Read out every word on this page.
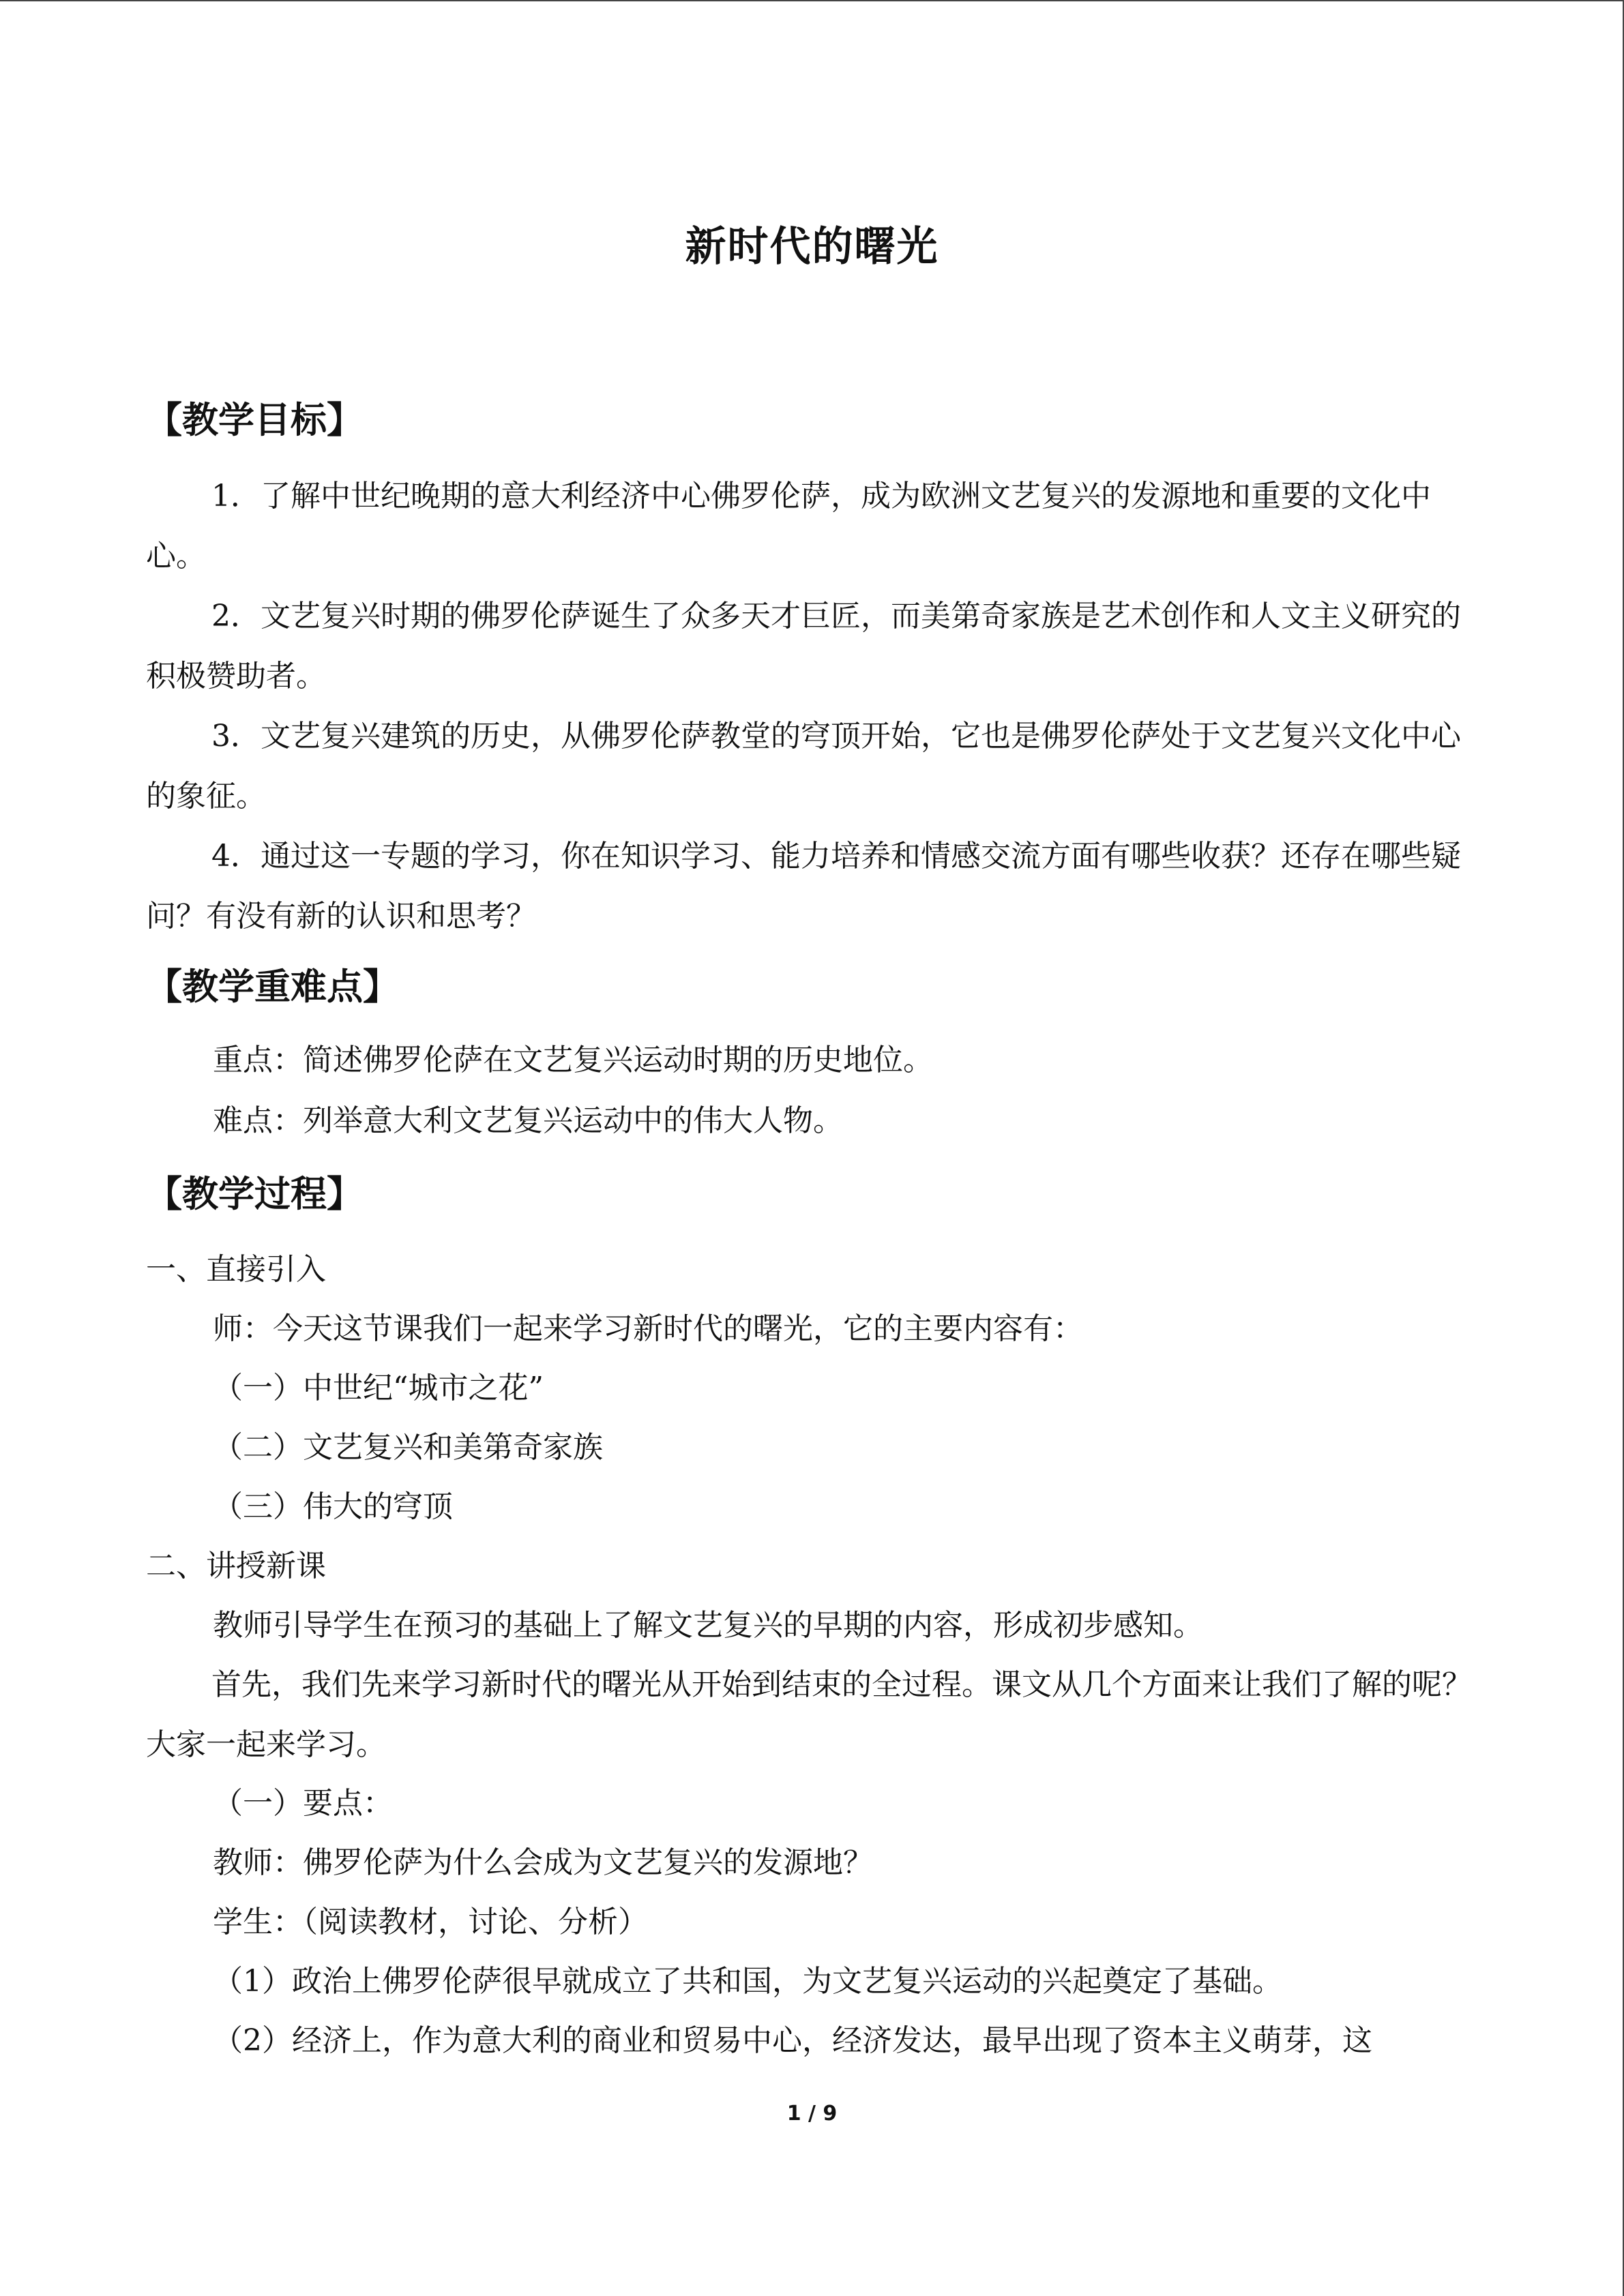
新时代的曙光
【教学目标】

1．了解中世纪晚期的意大利经济中心佛罗伦萨，成为欧洲文艺复兴的发源地和重要的文化中心。

2．文艺复兴时期的佛罗伦萨诞生了众多天才巨匠，而美第奇家族是艺术创作和人文主义研究的积极赞助者。

3．文艺复兴建筑的历史，从佛罗伦萨教堂的穹顶开始，它也是佛罗伦萨处于文艺复兴文化中心的象征。

4．通过这一专题的学习，你在知识学习、能力培养和情感交流方面有哪些收获？还存在哪些疑问？有没有新的认识和思考？

【教学重难点】

重点：简述佛罗伦萨在文艺复兴运动时期的历史地位。

难点：列举意大利文艺复兴运动中的伟大人物。

【教学过程】

一、直接引入

师：今天这节课我们一起来学习新时代的曙光，它的主要内容有：

（一）中世纪“城市之花”

（二）文艺复兴和美第奇家族

（三）伟大的穹顶

二、讲授新课

教师引导学生在预习的基础上了解文艺复兴的早期的内容，形成初步感知。

首先，我们先来学习新时代的曙光从开始到结束的全过程。课文从几个方面来让我们了解的呢？大家一起来学习。

（一）要点：

教师：佛罗伦萨为什么会成为文艺复兴的发源地？

学生：（阅读教材，讨论、分析）

（1）政治上佛罗伦萨很早就成立了共和国，为文艺复兴运动的兴起奠定了基础。

（2）经济上，作为意大利的商业和贸易中心，经济发达，最早出现了资本主义萌芽，这

1 / 9
